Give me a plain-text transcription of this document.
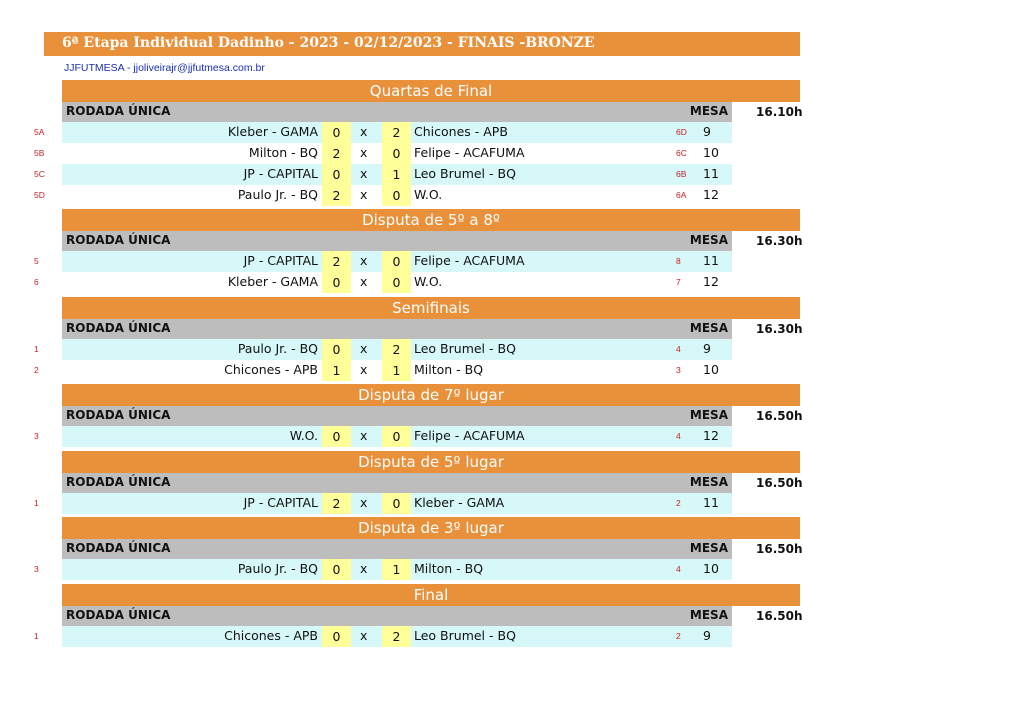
6ª Etapa Individual Dadinho - 2023 - 02/12/2023 - FINAIS -BRONZE
JJFUTMESA - jjoliveirajr@jjfutmesa.com.br
Quartas de Final
RODADA ÚNICA	MESA 16.10h
5A	Kleber - GAMA	0	x	2	Chicones - APB	6D 9
5B	Milton - BQ	2	x	0	Felipe - ACAFUMA	6C 10
5C	JP - CAPITAL	0	x	1	Leo Brumel - BQ	6B 11
5D	Paulo Jr. - BQ	2	x	0	W.O.	6A 12
Disputa de 5º a 8º
RODADA ÚNICA	MESA 16.30h
5	JP - CAPITAL	2	x	0	Felipe - ACAFUMA	8 11
6	Kleber - GAMA	0	x	0	W.O.	7 12
Semifinais
RODADA ÚNICA	MESA 16.30h
1	Paulo Jr. - BQ	0	x	2	Leo Brumel - BQ	4 9
2	Chicones - APB	1	x	1	Milton - BQ	3 10
Disputa de 7º lugar
RODADA ÚNICA	MESA 16.50h
3	W.O.	0	x	0	Felipe - ACAFUMA	4 12
Disputa de 5º lugar
RODADA ÚNICA	MESA 16.50h
1	JP - CAPITAL	2	x	0	Kleber - GAMA	2 11
Disputa de 3º lugar
RODADA ÚNICA	MESA 16.50h
3	Paulo Jr. - BQ	0	x	1	Milton - BQ	4 10
Final
RODADA ÚNICA	MESA 16.50h
1	Chicones - APB	0	x	2	Leo Brumel - BQ	2 9
